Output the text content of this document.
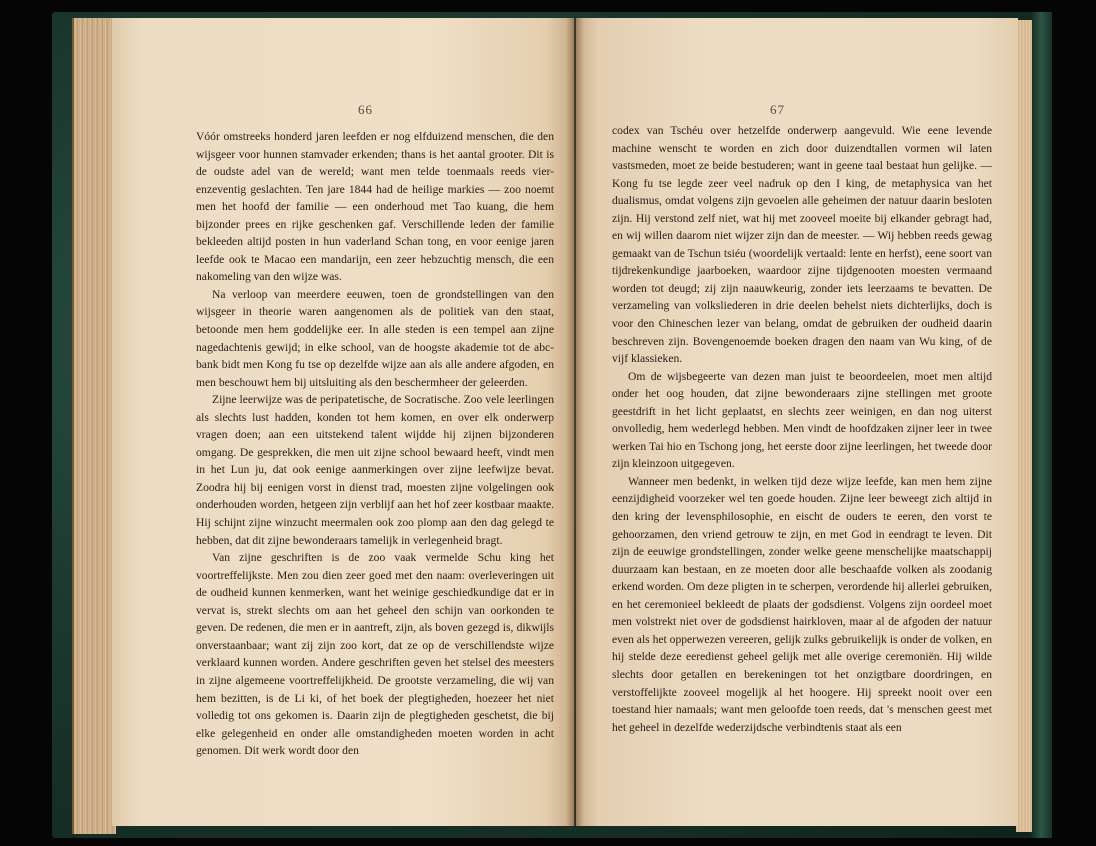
66

Vóór omstreeks honderd jaren leefden er nog elfduizend menschen, die den wijsgeer voor hunnen stamvader erkenden; thans is het aantal grooter. Dit is de oudste adel van de wereld; want men telde toenmaals reeds vier-enzeventig geslachten. Ten jare 1844 had de heilige markies — zoo noemt men het hoofd der familie — een onderhoud met Tao kuang, die hem bijzonder prees en rijke geschenken gaf. Verschillende leden der familie bekleeden altijd posten in hun vaderland Schan tong, en voor eenige jaren leefde ook te Macao een mandarijn, een zeer hebzuchtig mensch, die een nakomeling van den wijze was.

Na verloop van meerdere eeuwen, toen de grondstellingen van den wijsgeer in theorie waren aangenomen als de politiek van den staat, betoonde men hem goddelijke eer. In alle steden is een tempel aan zijne nagedachtenis gewijd; in elke school, van de hoogste akademie tot de abc-bank bidt men Kong fu tse op dezelfde wijze aan als alle andere afgoden, en men beschouwt hem bij uitsluiting als den beschermheer der geleerden.

Zijne leerwijze was de peripatetische, de Socratische. Zoo vele leerlingen als slechts lust hadden, konden tot hem komen, en over elk onderwerp vragen doen; aan een uitstekend talent wijdde hij zijnen bijzonderen omgang. De gesprekken, die men uit zijne school bewaard heeft, vindt men in het Lun ju, dat ook eenige aanmerkingen over zijne leefwijze bevat. Zoodra hij bij eenigen vorst in dienst trad, moesten zijne volgelingen ook onderhouden worden, hetgeen zijn verblijf aan het hof zeer kostbaar maakte. Hij schijnt zijne winzucht meermalen ook zoo plomp aan den dag gelegd te hebben, dat dit zijne bewonderaars tamelijk in verlegenheid bragt.

Van zijne geschriften is de zoo vaak vermelde Schu king het voortreffelijkste. Men zou dien zeer goed met den naam: overleveringen uit de oudheid kunnen kenmerken, want het weinige geschiedkundige dat er in vervat is, strekt slechts om aan het geheel den schijn van oorkonden te geven. De redenen, die men er in aantreft, zijn, als boven gezegd is, dikwijls onverstaanbaar; want zij zijn zoo kort, dat ze op de verschillendste wijze verklaard kunnen worden. Andere geschriften geven het stelsel des meesters in zijne algemeene voortreffelijkheid. De grootste verzameling, die wij van hem bezitten, is de Li ki, of het boek der plegtigheden, hoezeer het niet volledig tot ons gekomen is. Daarin zijn de plegtigheden geschetst, die bij elke gelegenheid en onder alle omstandigheden moeten worden in acht genomen. Dit werk wordt door den

67

codex van Tschéu over hetzelfde onderwerp aangevuld. Wie eene levende machine wenscht te worden en zich door duizendtallen vormen wil laten vastsmeden, moet ze beide bestuderen; want in geene taal bestaat hun gelijke. — Kong fu tse legde zeer veel nadruk op den I king, de metaphysica van het dualismus, omdat volgens zijn gevoelen alle geheimen der natuur daarin besloten zijn. Hij verstond zelf niet, wat hij met zooveel moeite bij elkander gebragt had, en wij willen daarom niet wijzer zijn dan de meester. — Wij hebben reeds gewag gemaakt van de Tschun tsiéu (woordelijk vertaald: lente en herfst), eene soort van tijdrekenkundige jaarboeken, waardoor zijne tijdgenooten moesten vermaand worden tot deugd; zij zijn naauwkeurig, zonder iets leerzaams te bevatten. De verzameling van volksliederen in drie deelen behelst niets dichterlijks, doch is voor den Chineschen lezer van belang, omdat de gebruiken der oudheid daarin beschreven zijn. Bovengenoemde boeken dragen den naam van Wu king, of de vijf klassieken.

Om de wijsbegeerte van dezen man juist te beoordeelen, moet men altijd onder het oog houden, dat zijne bewonderaars zijne stellingen met groote geestdrift in het licht geplaatst, en slechts zeer weinigen, en dan nog uiterst onvolledig, hem wederlegd hebben. Men vindt de hoofdzaken zijner leer in twee werken Tai hio en Tschong jong, het eerste door zijne leerlingen, het tweede door zijn kleinzoon uitgegeven.

Wanneer men bedenkt, in welken tijd deze wijze leefde, kan men hem zijne eenzijdigheid voorzeker wel ten goede houden. Zijne leer beweegt zich altijd in den kring der levensphilosophie, en eischt de ouders te eeren, den vorst te gehoorzamen, den vriend getrouw te zijn, en met God in eendragt te leven. Dit zijn de eeuwige grondstellingen, zonder welke geene menschelijke maatschappij duurzaam kan bestaan, en ze moeten door alle beschaafde volken als zoodanig erkend worden. Om deze pligten in te scherpen, verordende hij allerlei gebruiken, en het ceremonieel bekleedt de plaats der godsdienst. Volgens zijn oordeel moet men volstrekt niet over de godsdienst hairkloven, maar al de afgoden der natuur even als het opperwezen vereeren, gelijk zulks gebruikelijk is onder de volken, en hij stelde deze eeredienst geheel gelijk met alle overige ceremoniën. Hij wilde slechts door getallen en berekeningen tot het onzigtbare doordringen, en verstoffelijkte zooveel mogelijk al het hoogere. Hij spreekt nooit over een toestand hier namaals; want men geloofde toen reeds, dat 's menschen geest met het geheel in dezelfde wederzijdsche verbindtenis staat als een
